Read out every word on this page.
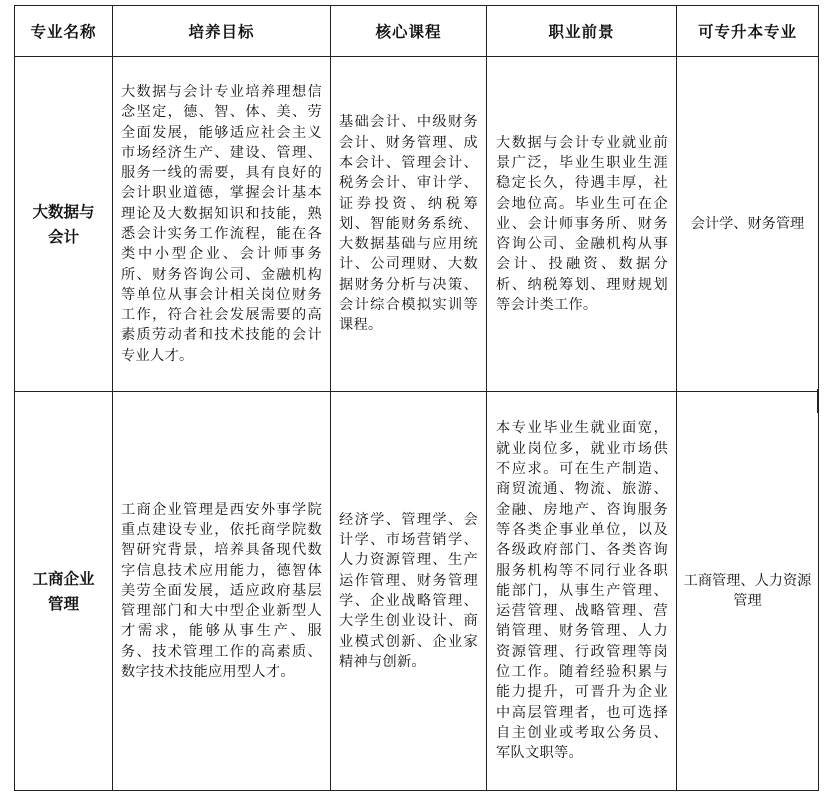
专业名称	培养目标	核心课程	职业前景	可专升本专业
大数据与会计	大数据与会计专业培养理想信念坚定，德、智、体、美、劳全面发展，能够适应社会主义市场经济生产、建设、管理、服务一线的需要，具有良好的会计职业道德，掌握会计基本理论及大数据知识和技能，熟悉会计实务工作流程，能在各类中小型企业、会计师事务所、财务咨询公司、金融机构等单位从事会计相关岗位财务工作，符合社会发展需要的高素质劳动者和技术技能的会计专业人才。	基础会计、中级财务会计、财务管理、成本会计、管理会计、税务会计、审计学、证券投资、纳税筹划、智能财务系统、大数据基础与应用统计、公司理财、大数据财务分析与决策、会计综合模拟实训等课程。	大数据与会计专业就业前景广泛，毕业生职业生涯稳定长久，待遇丰厚，社会地位高。毕业生可在企业、会计师事务所、财务咨询公司、金融机构从事会计、投融资、数据分析、纳税筹划、理财规划等会计类工作。	会计学、财务管理
工商企业管理	工商企业管理是西安外事学院重点建设专业，依托商学院数智研究背景，培养具备现代数字信息技术应用能力，德智体美劳全面发展，适应政府基层管理部门和大中型企业新型人才需求，能够从事生产、服务、技术管理工作的高素质、数字技术技能应用型人才。	经济学、管理学、会计学、市场营销学、人力资源管理、生产运作管理、财务管理学、企业战略管理、大学生创业设计、商业模式创新、企业家精神与创新。	本专业毕业生就业面宽，就业岗位多，就业市场供不应求。可在生产制造、商贸流通、物流、旅游、金融、房地产、咨询服务等各类企事业单位，以及各级政府部门、各类咨询服务机构等不同行业各职能部门，从事生产管理、运营管理、战略管理、营销管理、财务管理、人力资源管理、行政管理等岗位工作。随着经验积累与能力提升，可晋升为企业中高层管理者，也可选择自主创业或考取公务员、军队文职等。	工商管理、人力资源管理
